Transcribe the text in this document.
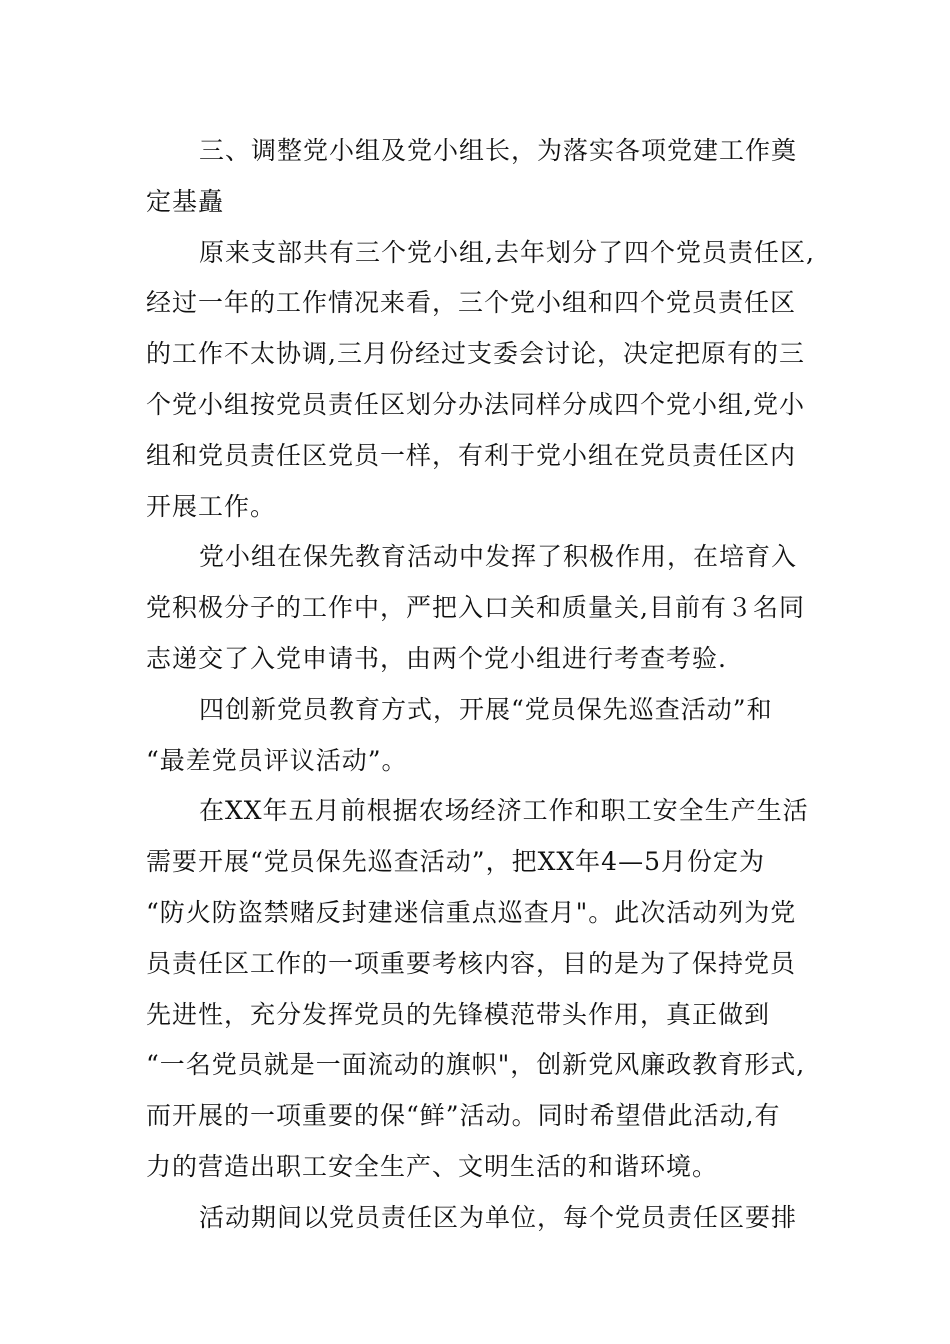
三、调整党小组及党小组长，为落实各项党建工作奠
定基矗
原来支部共有三个党小组,去年划分了四个党员责任区,
经过一年的工作情况来看，三个党小组和四个党员责任区
的工作不太协调,三月份经过支委会讨论，决定把原有的三
个党小组按党员责任区划分办法同样分成四个党小组,党小
组和党员责任区党员一样，有利于党小组在党员责任区内
开展工作。
党小组在保先教育活动中发挥了积极作用，在培育入
党积极分子的工作中，严把入口关和质量关,目前有３名同
志递交了入党申请书，由两个党小组进行考查考验.
四创新党员教育方式，开展“党员保先巡查活动”和
“最差党员评议活动”。
在XX年五月前根据农场经济工作和职工安全生产生活
需要开展“党员保先巡查活动”，把XX年4—5月份定为
“防火防盗禁赌反封建迷信重点巡查月"。此次活动列为党
员责任区工作的一项重要考核内容，目的是为了保持党员
先进性，充分发挥党员的先锋模范带头作用，真正做到
“一名党员就是一面流动的旗帜"，创新党风廉政教育形式,
而开展的一项重要的保“鲜”活动。同时希望借此活动,有
力的营造出职工安全生产、文明生活的和谐环境。
活动期间以党员责任区为单位，每个党员责任区要排
